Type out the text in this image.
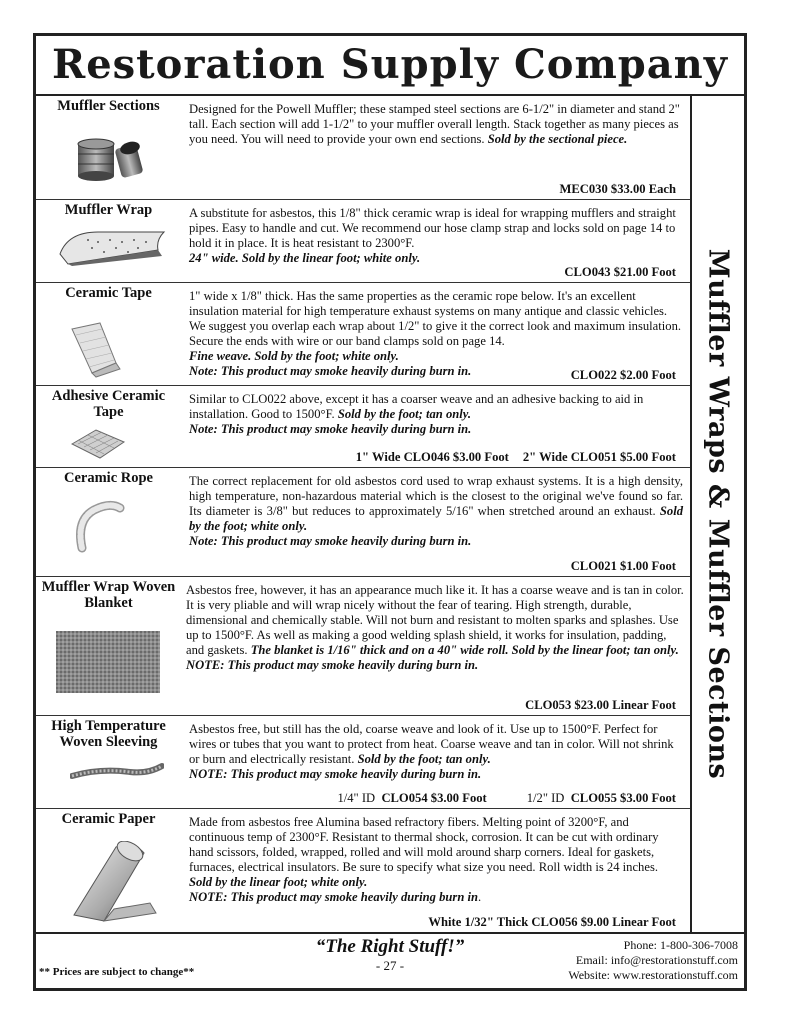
Restoration Supply Company
Muffler Sections	Designed for the Powell Muffler; these stamped steel sections are 6-1/2" in diameter and stand 2" tall. Each section will add 1-1/2" to your muffler overall length. Stack together as many pieces as you need. You will need to provide your own end sections. Sold by the sectional piece.
MEC030 $33.00 Each
Muffler Wrap	A substitute for asbestos, this 1/8" thick ceramic wrap is ideal for wrapping mufflers and straight pipes. Easy to handle and cut. We recommend our hose clamp strap and locks sold on page 14 to hold it in place. It is heat resistant to 2300°F.
24" wide. Sold by the linear foot; white only.
CLO043 $21.00 Foot
Ceramic Tape	1" wide x 1/8" thick. Has the same properties as the ceramic rope below. It's an excellent insulation material for high temperature exhaust systems on many antique and classic vehicles. We suggest you overlap each wrap about 1/2" to give it the correct look and maximum insulation. Secure the ends with wire or our band clamps sold on page 14.
Fine weave. Sold by the foot; white only.
Note: This product may smoke heavily during burn in.	CLO022 $2.00 Foot
Adhesive Ceramic Tape
Similar to CLO022 above, except it has a coarser weave and an adhesive backing to aid in installation. Good to 1500°F. Sold by the foot; tan only.
Note: This product may smoke heavily during burn in.
1" Wide CLO046 $3.00 Foot 2" Wide CLO051 $5.00 Foot
Ceramic Rope	The correct replacement for old asbestos cord used to wrap exhaust systems. It is a high density, high temperature, non-hazardous material which is the closest to the original we've found so far. Its diameter is 3/8" but reduces to approximately 5/16" when stretched around an exhaust. Sold by the foot; white only.
Note: This product may smoke heavily during burn in.
CLO021 $1.00 Foot
Muffler Wrap Woven Blanket
Asbestos free, however, it has an appearance much like it. It has a coarse weave and is tan in color. It is very pliable and will wrap nicely without the fear of tearing. High strength, durable, dimensional and chemically stable. Will not burn and resistant to molten sparks and splashes. Use up to 1500°F. As well as making a good welding splash shield, it works for insulation, padding, and gaskets. The blanket is 1/16" thick and on a 40" wide roll. Sold by the linear foot; tan only.
NOTE: This product may smoke heavily during burn in.
CLO053 $23.00 Linear Foot
High Temperature Woven Sleeving
Asbestos free, but still has the old, coarse weave and look of it. Use up to 1500°F. Perfect for wires or tubes that you want to protect from heat. Coarse weave and tan in color. Will not shrink or burn and electrically resistant. Sold by the foot; tan only.
NOTE: This product may smoke heavily during burn in.
1/4" ID CLO054 $3.00 Foot	1/2" ID CLO055 $3.00 Foot
Ceramic Paper	Made from asbestos free Alumina based refractory fibers. Melting point of 3200°F, and continuous temp of 2300°F. Resistant to thermal shock, corrosion. It can be cut with ordinary hand scissors, folded, wrapped, rolled and will mold around sharp corners. Ideal for gaskets, furnaces, electrical insulators. Be sure to specify what size you need. Roll width is 24 inches. Sold by the linear foot; white only.
NOTE: This product may smoke heavily during burn in.
White 1/32" Thick CLO056 $9.00 Linear Foot
Muffler Wraps & Muffler Sections
“The Right Stuff!”
- 27 -
** Prices are subject to change**
Phone: 1-800-306-7008
Email: info@restorationstuff.com
Website: www.restorationstuff.com
